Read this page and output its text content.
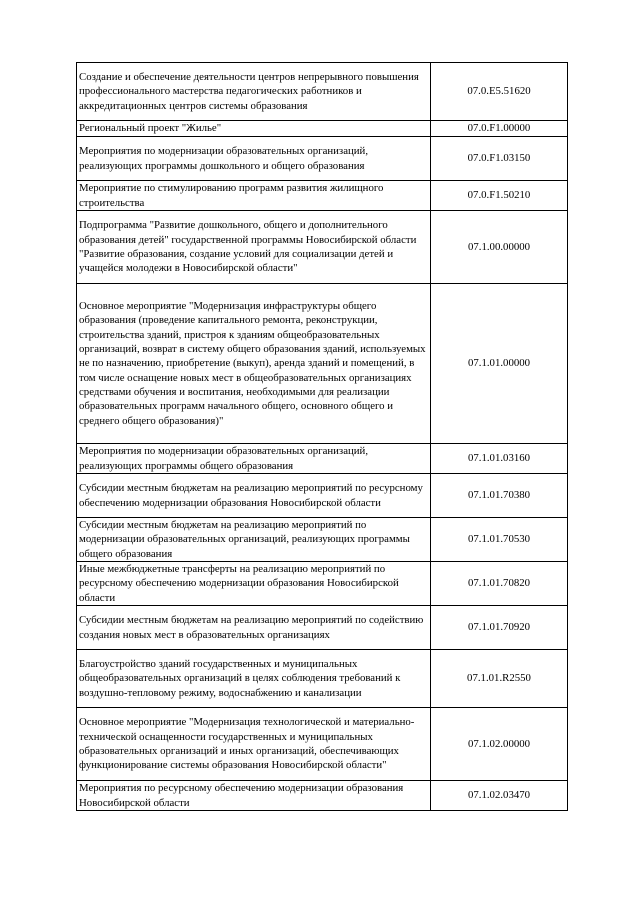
Создание и обеспечение деятельности центров непрерывного повышения профессионального мастерства педагогических работников и аккредитационных центров системы образования	07.0.E5.51620
Региональный проект "Жилье"	07.0.F1.00000
Мероприятия по модернизации образовательных организаций, реализующих программы дошкольного и общего образования	07.0.F1.03150
Мероприятие по стимулированию программ развития жилищного строительства	07.0.F1.50210
Подпрограмма "Развитие дошкольного, общего и дополнительного образования детей" государственной программы Новосибирской области "Развитие образования, создание условий для социализации детей и учащейся молодежи в Новосибирской области"	07.1.00.00000
Основное мероприятие "Модернизация инфраструктуры общего образования (проведение капитального ремонта, реконструкции, строительства зданий, пристроя к зданиям общеобразовательных организаций, возврат в систему общего образования зданий, используемых не по назначению, приобретение (выкуп), аренда зданий и помещений, в том числе оснащение новых мест в общеобразовательных организациях средствами обучения и воспитания, необходимыми для реализации образовательных программ начального общего, основного общего и среднего общего образования)"	07.1.01.00000
Мероприятия по модернизации образовательных организаций, реализующих программы общего образования	07.1.01.03160
Субсидии местным бюджетам на реализацию мероприятий по ресурсному обеспечению модернизации образования Новосибирской области	07.1.01.70380
Субсидии местным бюджетам на реализацию мероприятий по модернизации образовательных организаций, реализующих программы общего образования	07.1.01.70530
Иные межбюджетные трансферты на реализацию мероприятий по ресурсному обеспечению модернизации образования Новосибирской области	07.1.01.70820
Субсидии местным бюджетам на реализацию мероприятий по содействию создания новых мест в образовательных организациях	07.1.01.70920
Благоустройство зданий государственных и муниципальных общеобразовательных организаций в целях соблюдения требований к воздушно-тепловому режиму, водоснабжению и канализации	07.1.01.R2550
Основное мероприятие "Модернизация технологической и материально-технической оснащенности государственных и муниципальных образовательных организаций и иных организаций, обеспечивающих функционирование системы образования Новосибирской области"	07.1.02.00000
Мероприятия по ресурсному обеспечению модернизации образования Новосибирской области	07.1.02.03470
